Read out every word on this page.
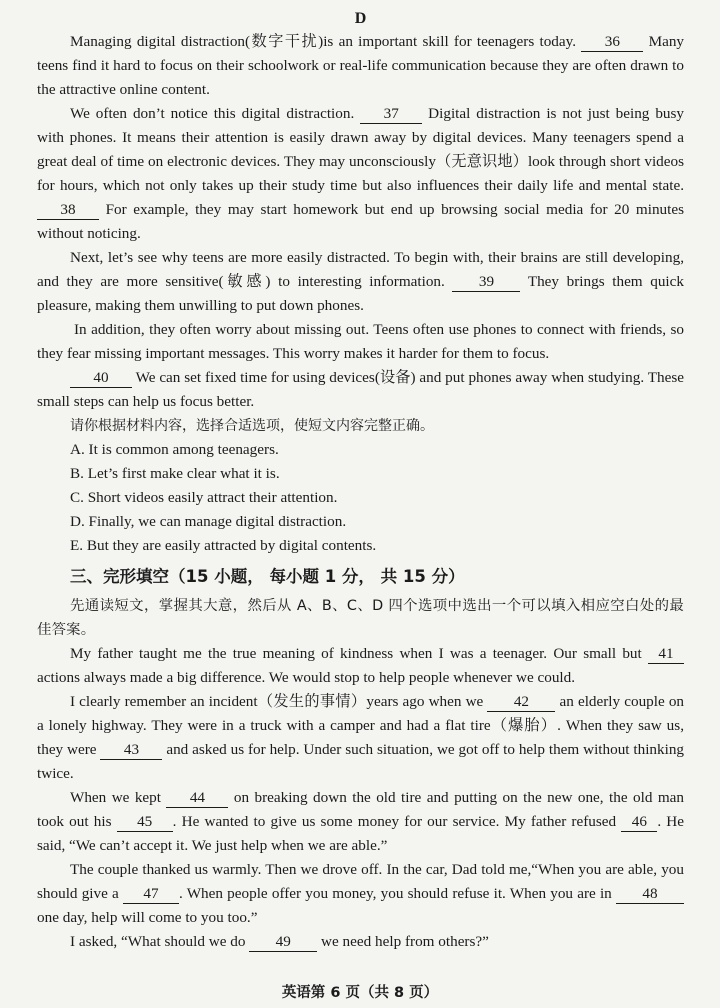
D

Managing digital distraction(数字干扰)is an important skill for teenagers today. 36 Many teens find it hard to focus on their schoolwork or real-life communication because they are often drawn to the attractive online content.

We often don’t notice this digital distraction. 37 Digital distraction is not just being busy with phones. It means their attention is easily drawn away by digital devices. Many teenagers spend a great deal of time on electronic devices. They may unconsciously（无意识地）look through short videos for hours, which not only takes up their study time but also influences their daily life and mental state. 38 For example, they may start homework but end up browsing social media for 20 minutes without noticing.

Next, let’s see why teens are more easily distracted. To begin with, their brains are still developing, and they are more sensitive(敏感) to interesting information. 39 They brings them quick pleasure, making them unwilling to put down phones.

In addition, they often worry about missing out. Teens often use phones to connect with friends, so they fear missing important messages. This worry makes it harder for them to focus.

40 We can set fixed time for using devices(设备) and put phones away when studying. These small steps can help us focus better.

请你根据材料内容，选择合适选项，使短文内容完整正确。

A. It is common among teenagers.

B. Let’s first make clear what it is.

C. Short videos easily attract their attention.

D. Finally, we can manage digital distraction.

E. But they are easily attracted by digital contents.

三、完形填空（15 小题， 每小题 1 分， 共 15 分）

先通读短文，掌握其大意，然后从 A、B、C、D 四个选项中选出一个可以填入相应空白处的最佳答案。

My father taught me the true meaning of kindness when I was a teenager. Our small but 41 actions always made a big difference. We would stop to help people whenever we could.

I clearly remember an incident（发生的事情）years ago when we 42 an elderly couple on a lonely highway. They were in a truck with a camper and had a flat tire（爆胎）. When they saw us, they were 43 and asked us for help. Under such situation, we got off to help them without thinking twice.

When we kept 44 on breaking down the old tire and putting on the new one, the old man took out his 45 . He wanted to give us some money for our service. My father refused 46 . He said, “We can’t accept it. We just help when we are able.”

The couple thanked us warmly. Then we drove off. In the car, Dad told me,“When you are able, you should give a 47 . When people offer you money, you should refuse it. When you are in 48 one day, help will come to you too.”

I asked, “What should we do 49 we need help from others?”

英语第 6 页（共 8 页）
